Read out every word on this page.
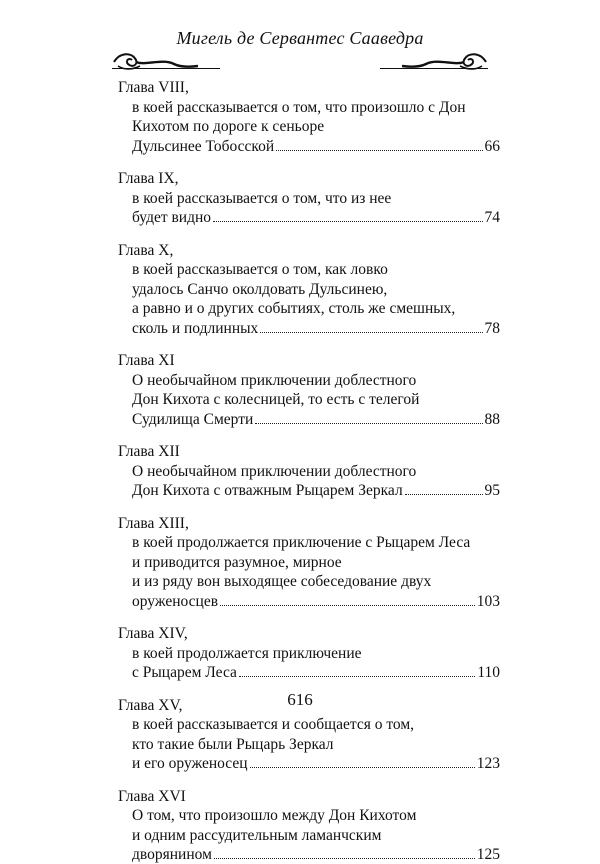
Мигель де Сервантес Сааведра
Глава VIII,
в коей рассказывается о том, что произошло с Дон
Кихотом по дороге к сеньоре
Дульсинее Тобосской	66
Глава IX,
в коей рассказывается о том, что из нее
будет видно	74
Глава Х,
в коей рассказывается о том, как ловко
удалось Санчо околдовать Дульсинею,
а равно и о других событиях, столь же смешных,
сколь и подлинных	78
Глава XI
О необычайном приключении доблестного
Дон Кихота с колесницей, то есть с телегой
Судилища Смерти	88
Глава XII
О необычайном приключении доблестного
Дон Кихота с отважным Рыцарем Зеркал	95
Глава XIII,
в коей продолжается приключение с Рыцарем Леса
и приводится разумное, мирное
и из ряду вон выходящее собеседование двух
оруженосцев	103
Глава XIV,
в коей продолжается приключение
с Рыцарем Леса	110
Глава XV,
в коей рассказывается и сообщается о том,
кто такие были Рыцарь Зеркал
и его оруженосец	123
Глава XVI
О том, что произошло между Дон Кихотом
и одним рассудительным ламанчским
дворянином	125
616
